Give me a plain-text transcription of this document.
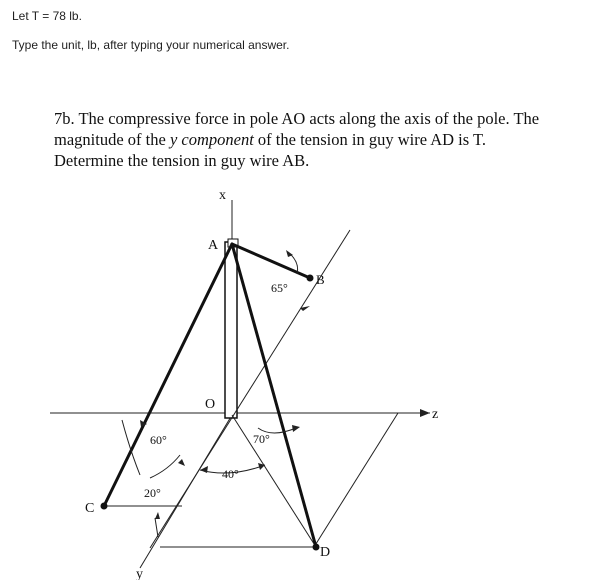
Let T = 78 lb.
Type the unit, lb, after typing your numerical answer.

7b. The compressive force in pole AO acts along the axis of the pole. The

magnitude of the y component of the tension in guy wire AD is T.

Determine the tension in guy wire AB.

x
A
B
O
z
C
D
y
65°
60°
20°
70°
40°
